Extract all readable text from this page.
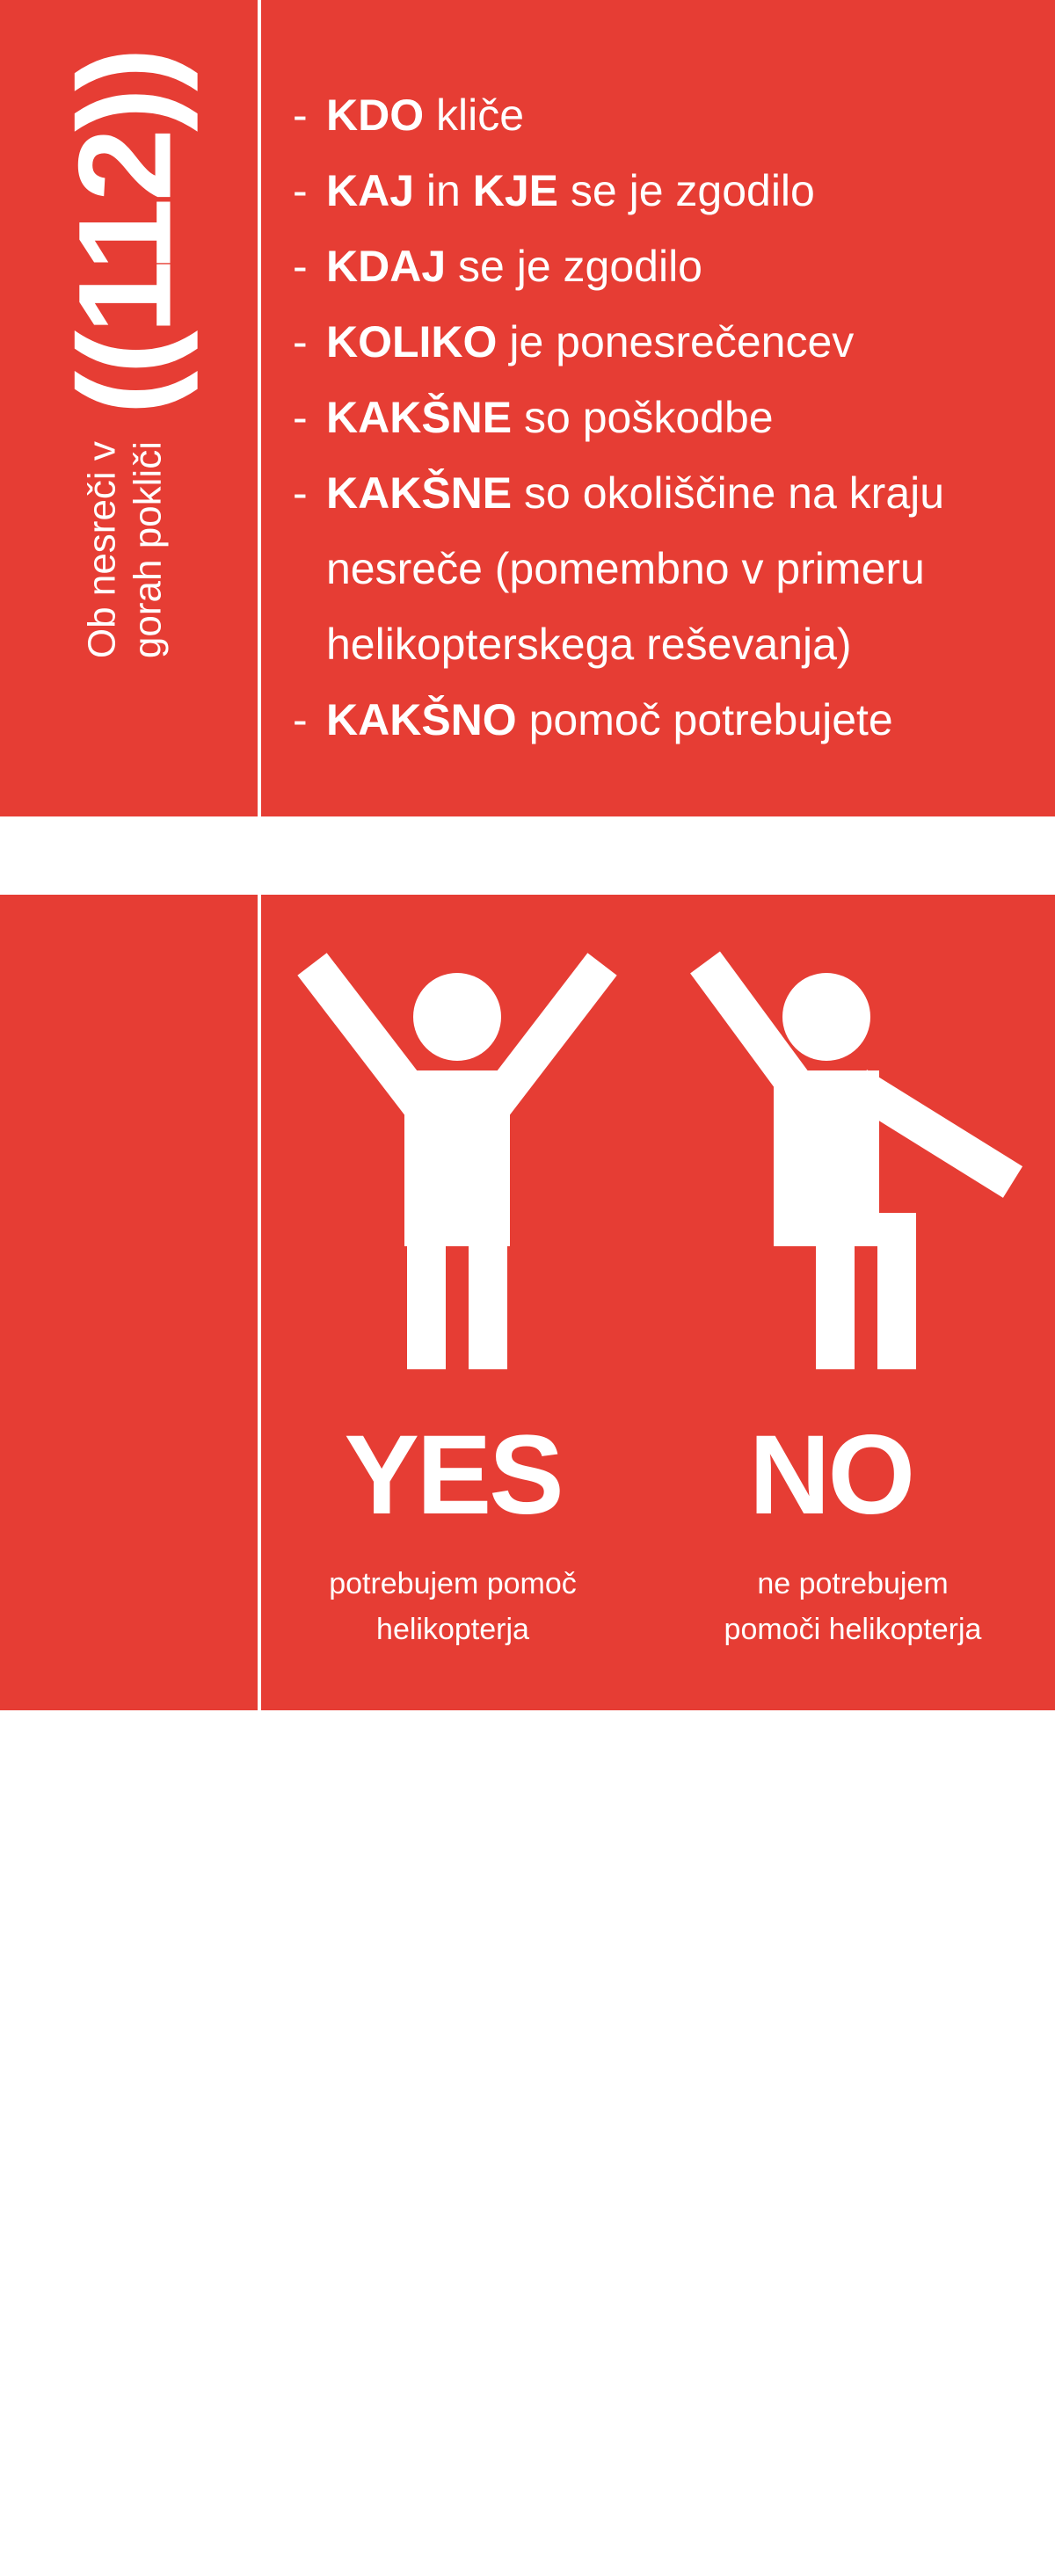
Ob nesreči v gorah pokliči
((112)) - KDO kliče
- KAJ in KJE se je zgodilo
- KDAJ se je zgodilo
- KOLIKO je ponesrečencev
- KAKŠNE so poškodbe
- KAKŠNE so okoliščine na kraju
nesreče (pomembno v primeru
helikopterskega reševanja)
- KAKŠNO pomoč potrebujete
Mednarodna znaka za pomoč helikopterja uporabite le, če v bližini nesreče še ni reševalcev!
YES	NO
potrebujem pomoč
helikopterja
ne potrebujem
pomoči helikopterja
